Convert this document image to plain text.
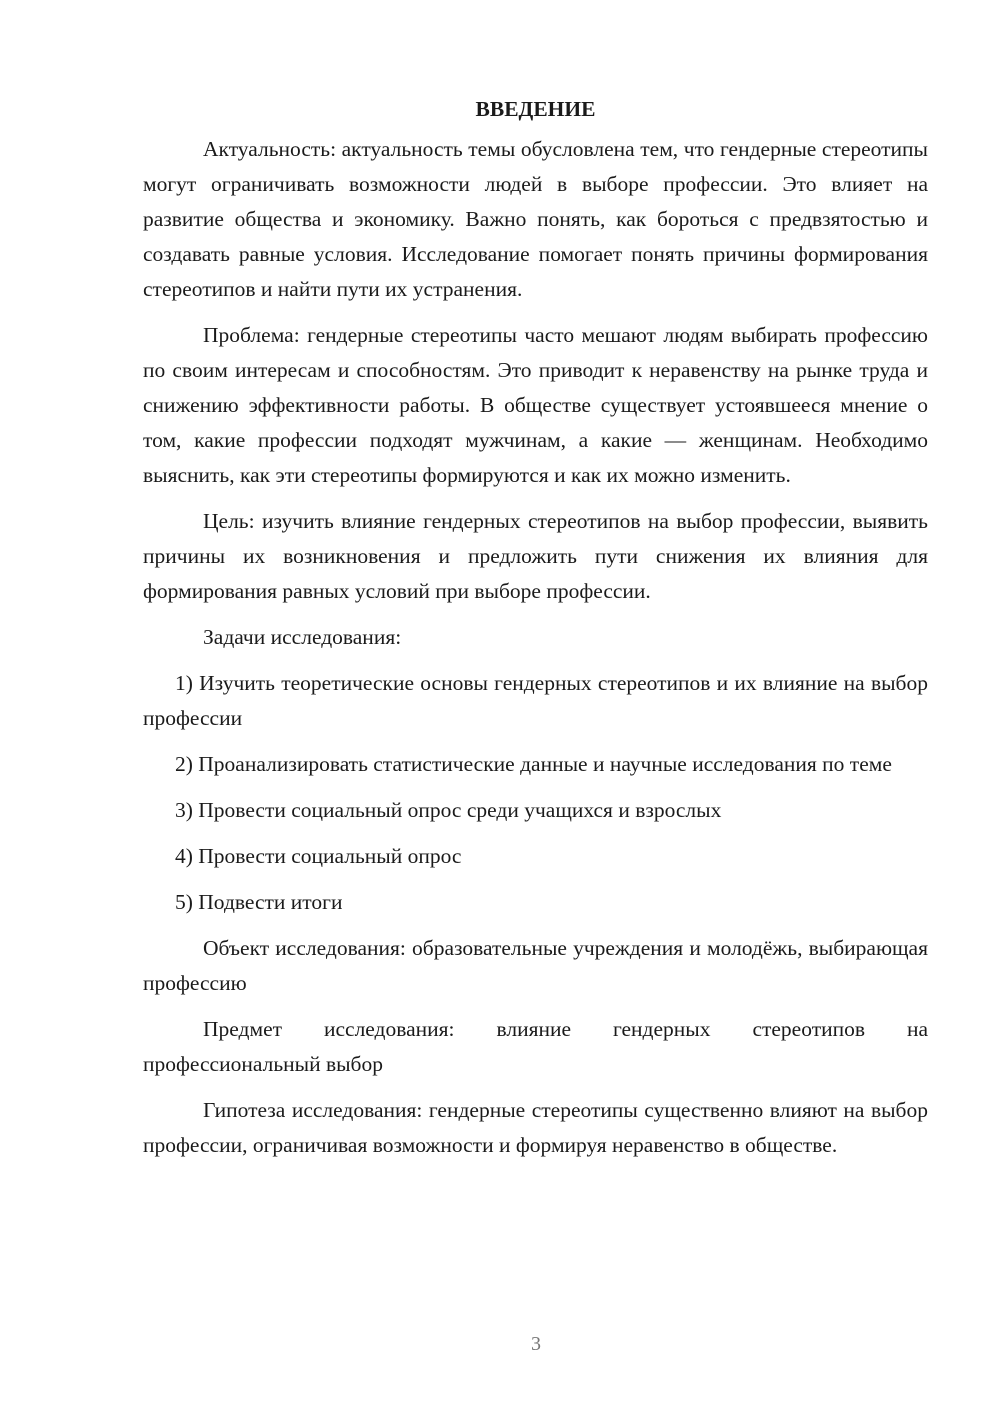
ВВЕДЕНИЕ

Актуальность: актуальность темы обусловлена тем, что гендерные стереотипы могут ограничивать возможности людей в выборе профессии. Это влияет на развитие общества и экономику. Важно понять, как бороться с предвзятостью и создавать равные условия. Исследование помогает понять причины формирования стереотипов и найти пути их устранения.

Проблема: гендерные стереотипы часто мешают людям выбирать профессию по своим интересам и способностям. Это приводит к неравенству на рынке труда и снижению эффективности работы. В обществе существует устоявшееся мнение о том, какие профессии подходят мужчинам, а какие — женщинам. Необходимо выяснить, как эти стереотипы формируются и как их можно изменить.

Цель: изучить влияние гендерных стереотипов на выбор профессии, выявить причины их возникновения и предложить пути снижения их влияния для формирования равных условий при выборе профессии.

Задачи исследования:

1) Изучить теоретические основы гендерных стереотипов и их влияние на выбор профессии

2) Проанализировать статистические данные и научные исследования по теме

3) Провести социальный опрос среди учащихся и взрослых

4) Провести социальный опрос

5) Подвести итоги

Объект исследования: образовательные учреждения и молодёжь, выбирающая профессию

Предмет исследования: влияние гендерных стереотипов на профессиональный выбор

Гипотеза исследования: гендерные стереотипы существенно влияют на выбор профессии, ограничивая возможности и формируя неравенство в обществе.

3
